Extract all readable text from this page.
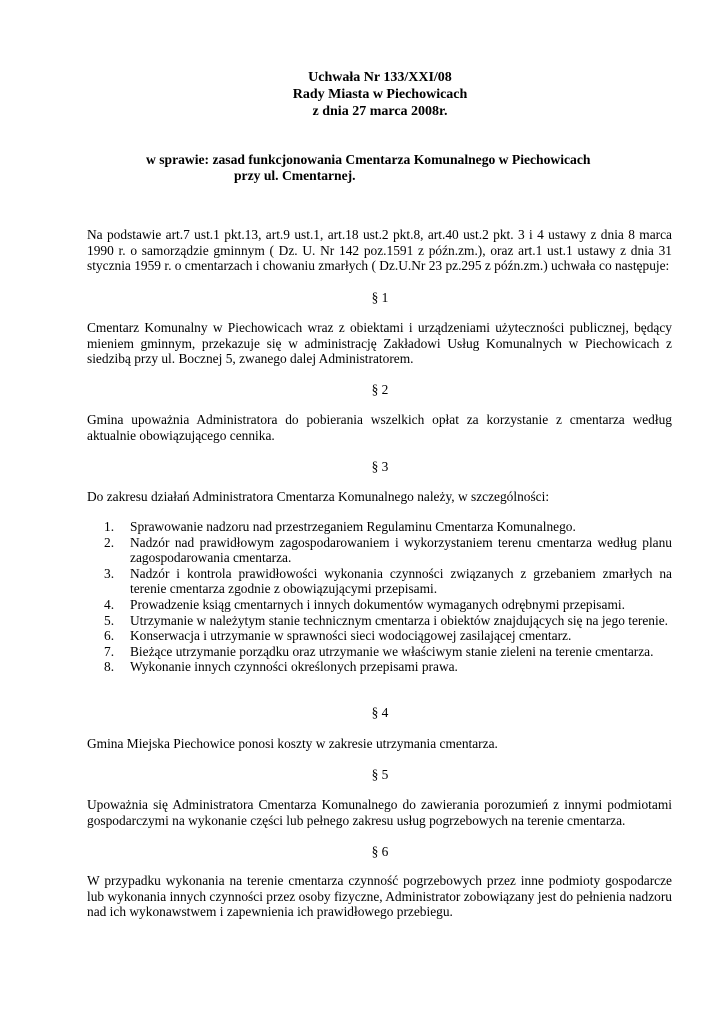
Uchwała Nr 133/XXI/08
Rady Miasta w Piechowicach
z dnia 27 marca 2008r.
w sprawie: zasad funkcjonowania Cmentarza Komunalnego w Piechowicach
przy ul. Cmentarnej.
Na podstawie art.7 ust.1 pkt.13, art.9 ust.1, art.18 ust.2 pkt.8, art.40 ust.2 pkt. 3 i 4 ustawy z dnia 8 marca 1990 r. o samorządzie gminnym ( Dz. U. Nr 142 poz.1591 z późn.zm.), oraz art.1 ust.1 ustawy z dnia 31 stycznia 1959 r. o cmentarzach i chowaniu zmarłych ( Dz.U.Nr 23 pz.295 z późn.zm.) uchwała co następuje:
§ 1
Cmentarz Komunalny w Piechowicach wraz z obiektami i urządzeniami użyteczności publicznej, będący mieniem gminnym, przekazuje się w administrację Zakładowi Usług Komunalnych w Piechowicach z siedzibą przy ul. Bocznej 5, zwanego dalej Administratorem.
§ 2
Gmina upoważnia Administratora do pobierania wszelkich opłat za korzystanie z cmentarza według aktualnie obowiązującego cennika.
§ 3
Do zakresu działań Administratora Cmentarza Komunalnego należy, w szczególności:
1. Sprawowanie nadzoru nad przestrzeganiem Regulaminu Cmentarza Komunalnego.
2. Nadzór nad prawidłowym zagospodarowaniem i wykorzystaniem terenu cmentarza według planu zagospodarowania cmentarza.
3. Nadzór i kontrola prawidłowości wykonania czynności związanych z grzebaniem zmarłych na terenie cmentarza zgodnie z obowiązującymi przepisami.
4. Prowadzenie ksiąg cmentarnych i innych dokumentów wymaganych odrębnymi przepisami.
5. Utrzymanie w należytym stanie technicznym cmentarza i obiektów znajdujących się na jego terenie.
6. Konserwacja i utrzymanie w sprawności sieci wodociągowej zasilającej cmentarz.
7. Bieżące utrzymanie porządku oraz utrzymanie we właściwym stanie zieleni na terenie cmentarza.
8. Wykonanie innych czynności określonych przepisami prawa.
§ 4
Gmina Miejska Piechowice ponosi koszty w zakresie utrzymania cmentarza.
§ 5
Upoważnia się Administratora Cmentarza Komunalnego do zawierania porozumień z innymi podmiotami gospodarczymi na wykonanie części lub pełnego zakresu usług pogrzebowych na terenie cmentarza.
§ 6
W przypadku wykonania na terenie cmentarza czynność pogrzebowych przez inne podmioty gospodarcze lub wykonania innych czynności przez osoby fizyczne, Administrator zobowiązany jest do pełnienia nadzoru nad ich wykonawstwem i zapewnienia ich prawidłowego przebiegu.
